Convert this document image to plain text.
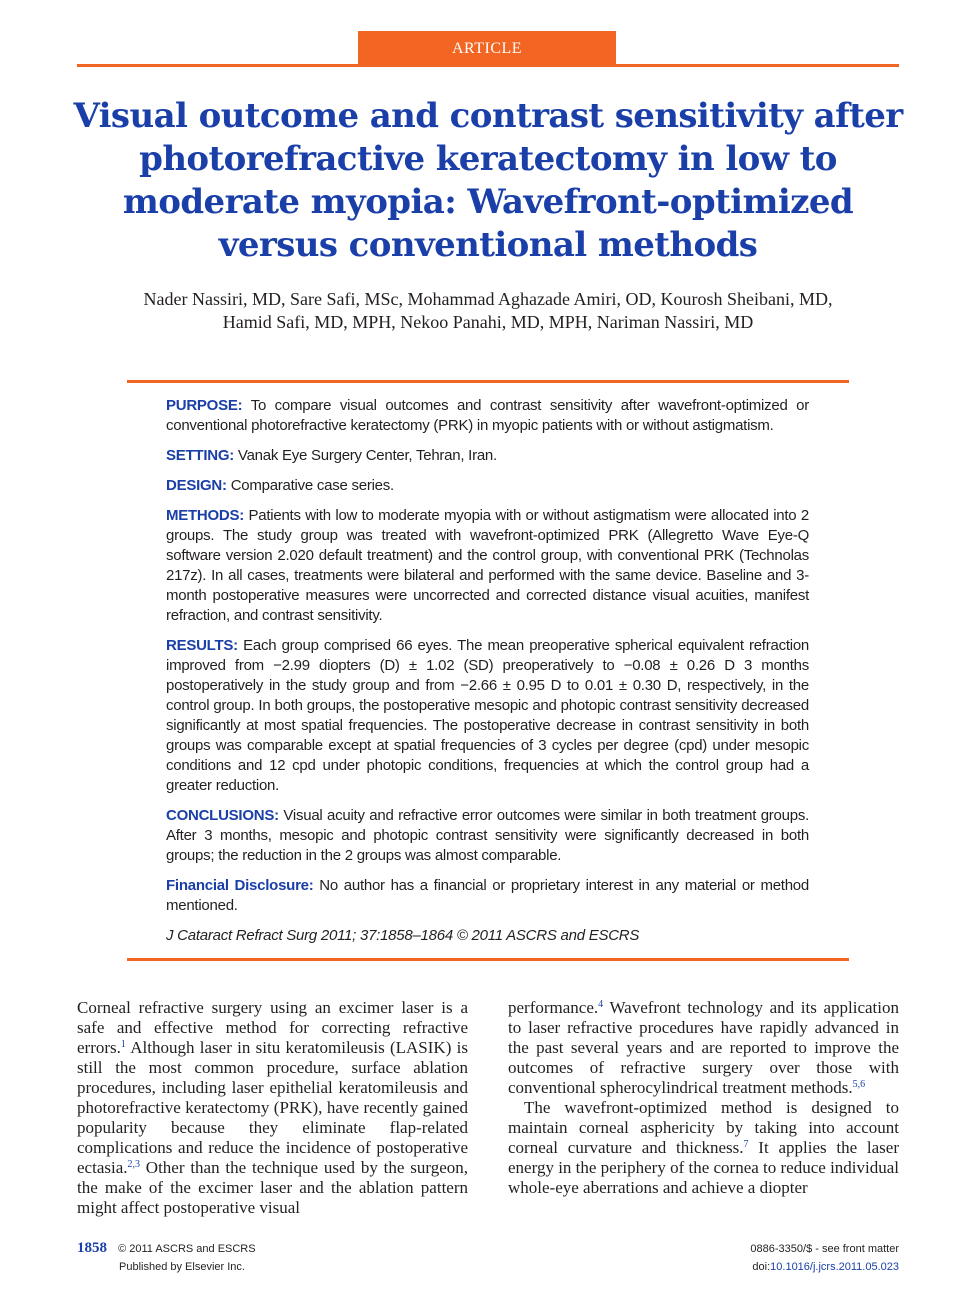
ARTICLE
Visual outcome and contrast sensitivity after photorefractive keratectomy in low to moderate myopia: Wavefront-optimized versus conventional methods
Nader Nassiri, MD, Sare Safi, MSc, Mohammad Aghazade Amiri, OD, Kourosh Sheibani, MD,
Hamid Safi, MD, MPH, Nekoo Panahi, MD, MPH, Nariman Nassiri, MD

PURPOSE: To compare visual outcomes and contrast sensitivity after wavefront-optimized or conventional photorefractive keratectomy (PRK) in myopic patients with or without astigmatism.

SETTING: Vanak Eye Surgery Center, Tehran, Iran.

DESIGN: Comparative case series.

METHODS: Patients with low to moderate myopia with or without astigmatism were allocated into 2 groups. The study group was treated with wavefront-optimized PRK (Allegretto Wave Eye-Q software version 2.020 default treatment) and the control group, with conventional PRK (Technolas 217z). In all cases, treatments were bilateral and performed with the same device. Baseline and 3-month postoperative measures were uncorrected and corrected distance visual acuities, manifest refraction, and contrast sensitivity.

RESULTS: Each group comprised 66 eyes. The mean preoperative spherical equivalent refraction improved from −2.99 diopters (D) ± 1.02 (SD) preoperatively to −0.08 ± 0.26 D 3 months postoperatively in the study group and from −2.66 ± 0.95 D to 0.01 ± 0.30 D, respectively, in the control group. In both groups, the postoperative mesopic and photopic contrast sensitivity decreased significantly at most spatial frequencies. The postoperative decrease in contrast sensitivity in both groups was comparable except at spatial frequencies of 3 cycles per degree (cpd) under mesopic conditions and 12 cpd under photopic conditions, frequencies at which the control group had a greater reduction.

CONCLUSIONS: Visual acuity and refractive error outcomes were similar in both treatment groups. After 3 months, mesopic and photopic contrast sensitivity were significantly decreased in both groups; the reduction in the 2 groups was almost comparable.

Financial Disclosure: No author has a financial or proprietary interest in any material or method mentioned.

J Cataract Refract Surg 2011; 37:1858–1864 © 2011 ASCRS and ESCRS

Corneal refractive surgery using an excimer laser is a safe and effective method for correcting refractive errors.$^1$ Although laser in situ keratomileusis (LASIK) is still the most common procedure, surface ablation procedures, including laser epithelial keratomileusis and photorefractive keratectomy (PRK), have recently gained popularity because they eliminate flap-related complications and reduce the incidence of postoperative ectasia.$^{2,3}$ Other than the technique used by the surgeon, the make of the excimer laser and the ablation pattern might affect postoperative visual

performance.$^4$ Wavefront technology and its application to laser refractive procedures have rapidly advanced in the past several years and are reported to improve the outcomes of refractive surgery over those with conventional spherocylindrical treatment methods.$^{5,6}$

The wavefront-optimized method is designed to maintain corneal asphericity by taking into account corneal curvature and thickness.$^7$ It applies the laser energy in the periphery of the cornea to reduce individual whole-eye aberrations and achieve a diopter

1858 © 2011 ASCRS and ESCRS
Published by Elsevier Inc.
0886-3350/$ - see front matter
doi:10.1016/j.jcrs.2011.05.023
